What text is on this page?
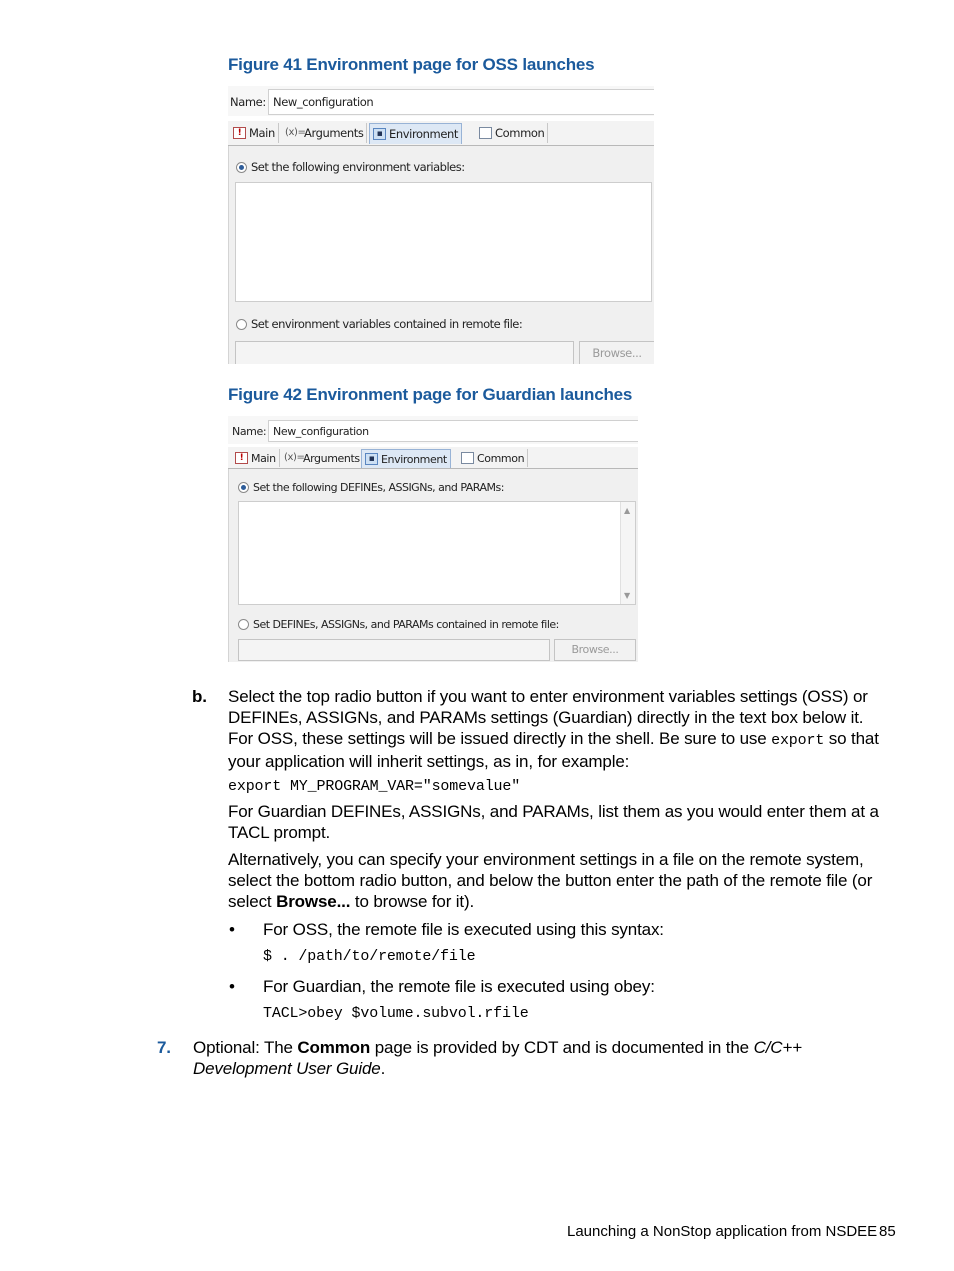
Figure 41 Environment page for OSS launches
Name: New_configuration
! Main (x)=
Arguments	▪ Environment	Common
Set the following environment variables:
Set environment variables contained in remote file:
Browse...
Figure 42 Environment page for Guardian launches
Name: New_configuration
! Main (x)=
Arguments ▪ Environment	Common
Set the following DEFINEs, ASSIGNs, and PARAMs:
▲
▼
Set DEFINEs, ASSIGNs, and PARAMs contained in remote file:
Browse...
b. Select the top radio button if you want to enter environment variables settings (OSS) or
DEFINEs, ASSIGNs, and PARAMs settings (Guardian) directly in the text box below it.
For OSS, these settings will be issued directly in the shell. Be sure to use export so that
your application will inherit settings, as in, for example:
export MY_PROGRAM_VAR="somevalue"
For Guardian DEFINEs, ASSIGNs, and PARAMs, list them as you would enter them at a
TACL prompt.
Alternatively, you can specify your environment settings in a file on the remote system,
select the bottom radio button, and below the button enter the path of the remote file (or
select Browse... to browse for it).
• For OSS, the remote file is executed using this syntax:
$ . /path/to/remote/file
• For Guardian, the remote file is executed using obey:
TACL>obey $volume.subvol.rfile
7. Optional: The Common page is provided by CDT and is documented in the C/C++
Development User Guide.
Launching a NonStop application from NSDEE 85
